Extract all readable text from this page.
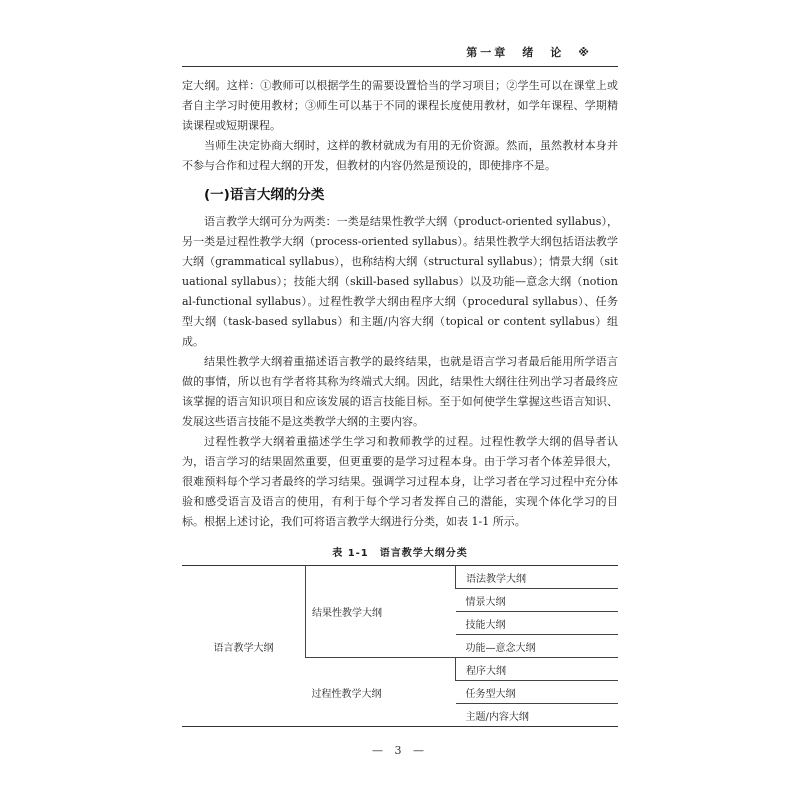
第一章　绪　论　※

定大纲。这样：①教师可以根据学生的需要设置恰当的学习项目；②学生可以在课堂上或者自主学习时使用教材；③师生可以基于不同的课程长度使用教材，如学年课程、学期精读课程或短期课程。

当师生决定协商大纲时，这样的教材就成为有用的无价资源。然而，虽然教材本身并不参与合作和过程大纲的开发，但教材的内容仍然是预设的，即使排序不是。

(一)语言大纲的分类

语言教学大纲可分为两类：一类是结果性教学大纲（product-oriented syllabus），另一类是过程性教学大纲（process-oriented syllabus）。结果性教学大纲包括语法教学大纲（grammatical syllabus），也称结构大纲（structural syllabus）；情景大纲（situational syllabus）；技能大纲（skill-based syllabus）以及功能—意念大纲（notional-functional syllabus）。过程性教学大纲由程序大纲（procedural syllabus）、任务型大纲（task-based syllabus）和主题/内容大纲（topical or content syllabus）组成。

结果性教学大纲着重描述语言教学的最终结果，也就是语言学习者最后能用所学语言做的事情，所以也有学者将其称为终端式大纲。因此，结果性大纲往往列出学习者最终应该掌握的语言知识项目和应该发展的语言技能目标。至于如何使学生掌握这些语言知识、发展这些语言技能不是这类教学大纲的主要内容。

过程性教学大纲着重描述学生学习和教师教学的过程。过程性教学大纲的倡导者认为，语言学习的结果固然重要，但更重要的是学习过程本身。由于学习者个体差异很大，很难预料每个学习者最终的学习结果。强调学习过程本身，让学习者在学习过程中充分体验和感受语言及语言的使用，有利于每个学习者发挥自己的潜能，实现个体化学习的目标。根据上述讨论，我们可将语言教学大纲进行分类，如表 1-1 所示。

表 1-1　语言教学大纲分类
语言教学大纲	结果性教学大纲	语法教学大纲
		情景大纲
		技能大纲
		功能—意念大纲
	过程性教学大纲	程序大纲
		任务型大纲
		主题/内容大纲
— 3 —
